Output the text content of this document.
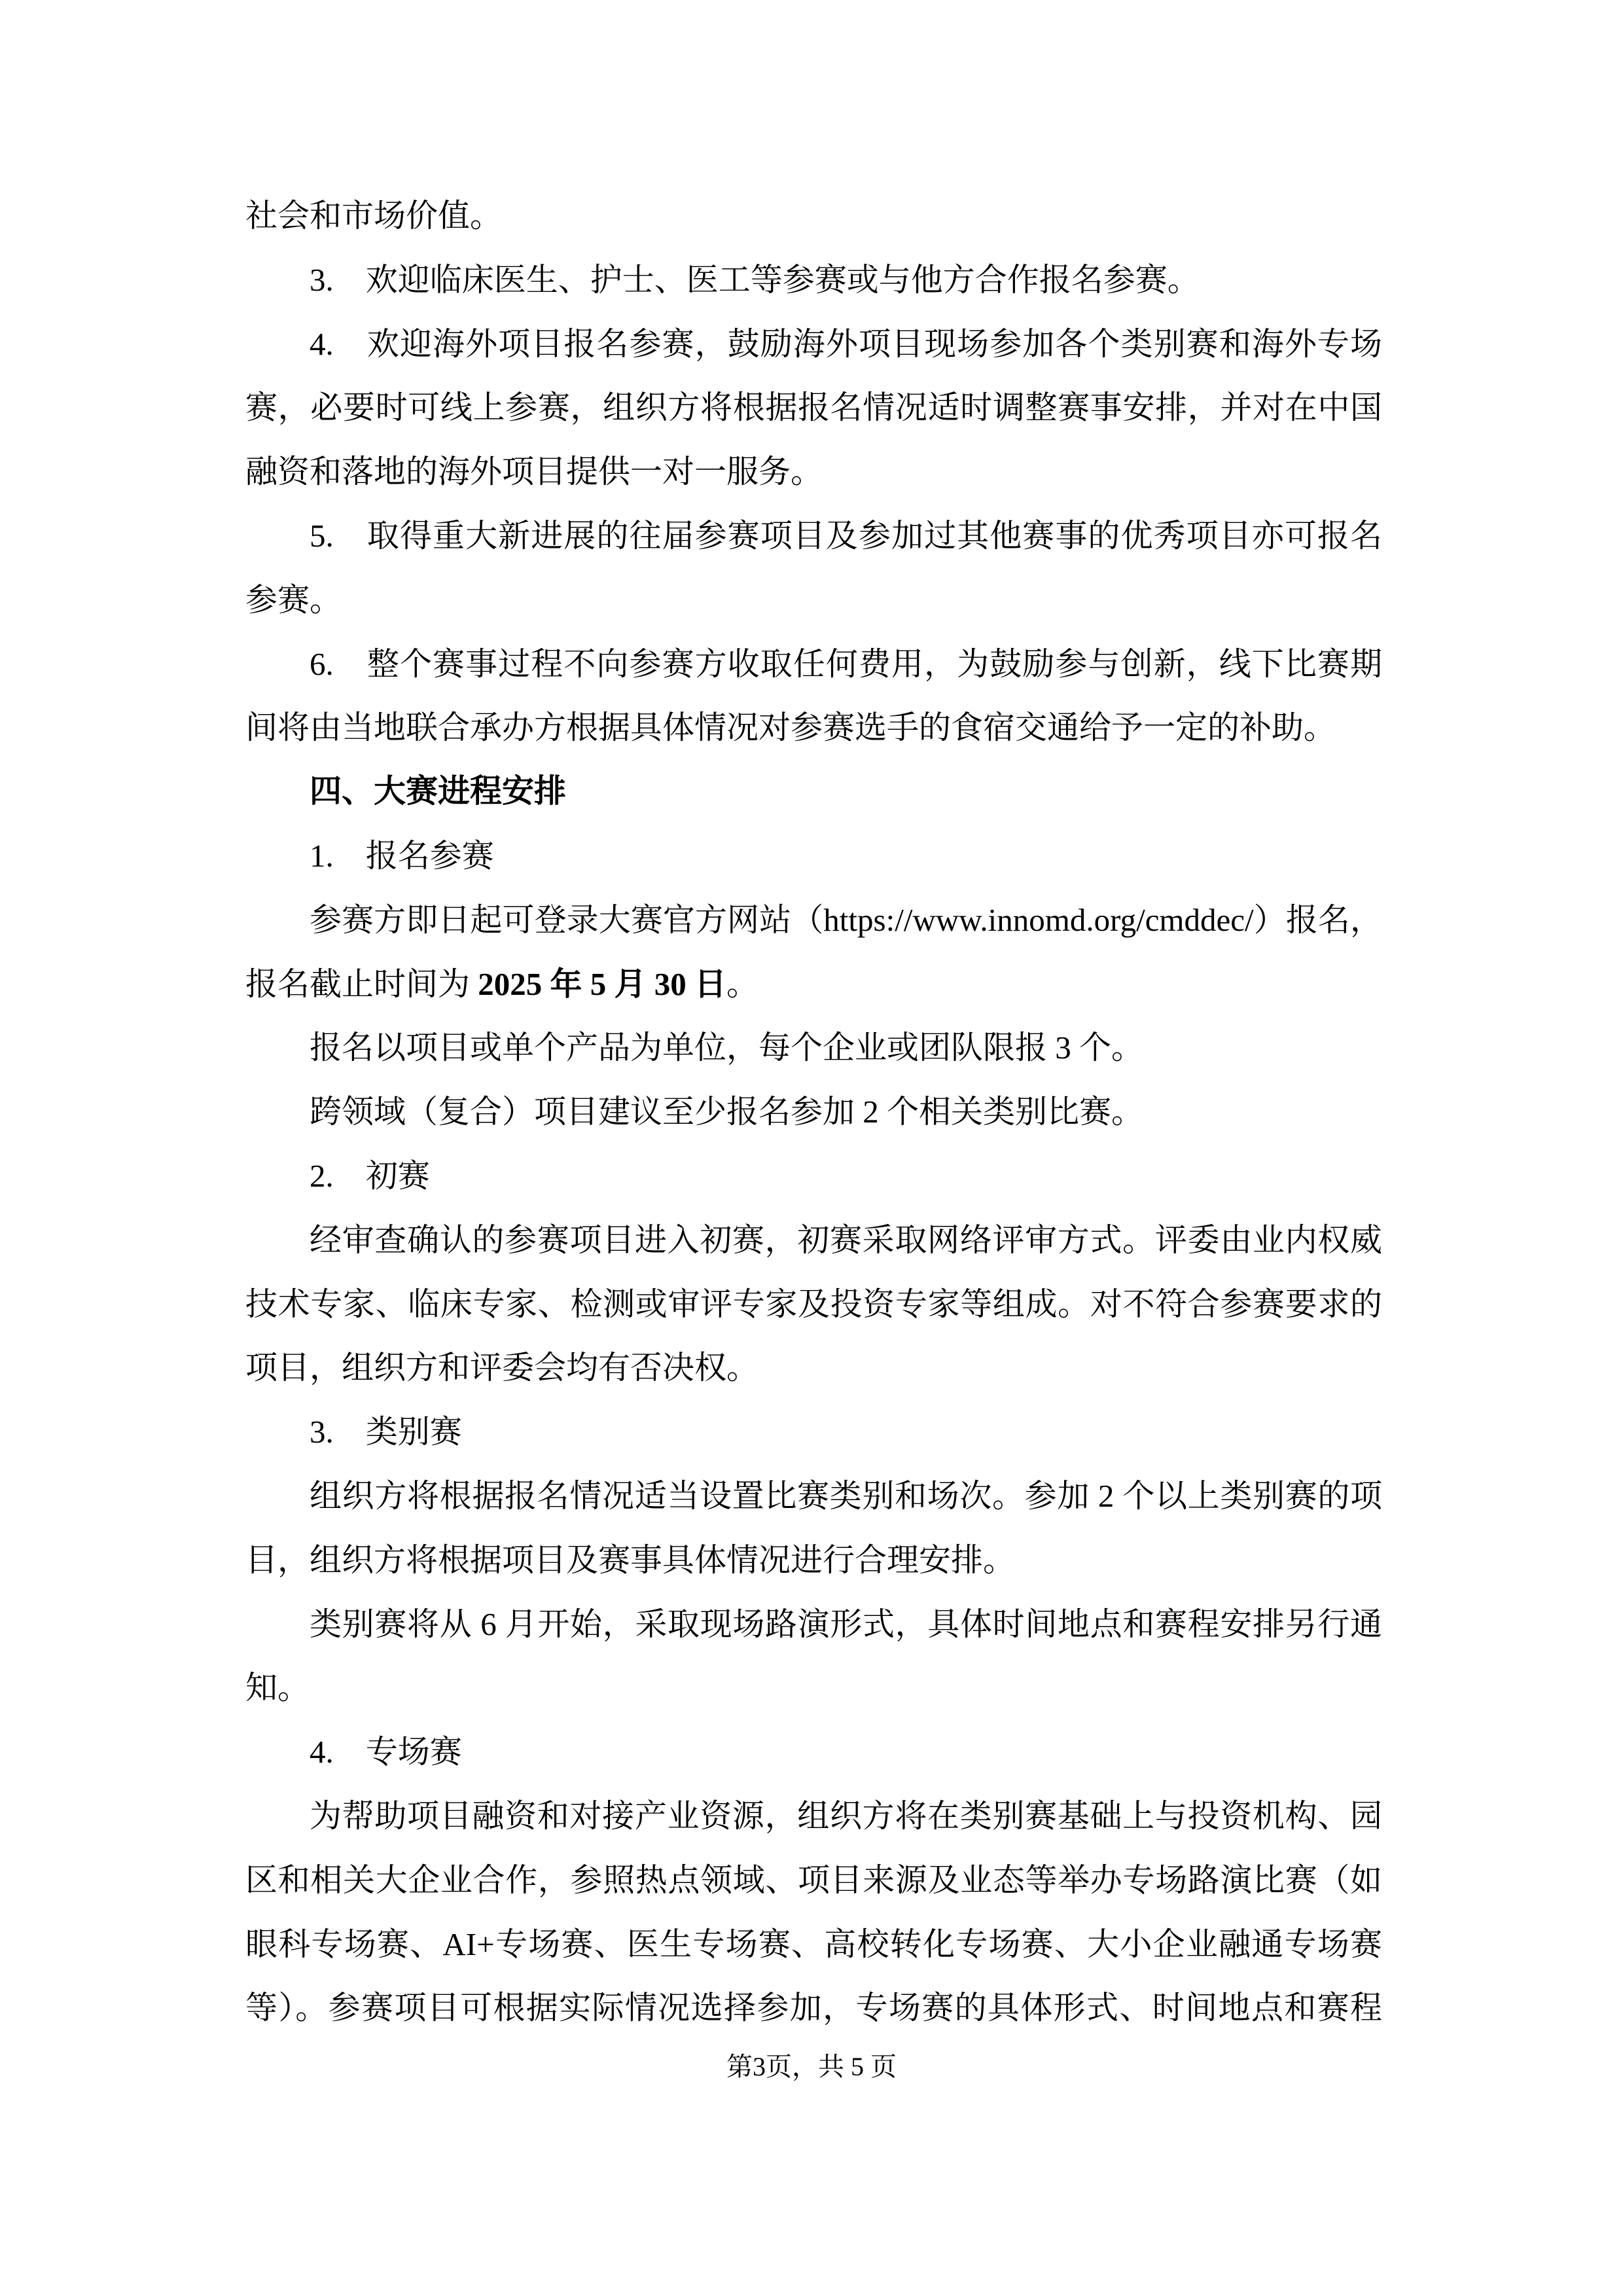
社会和市场价值。
3.　欢迎临床医生、护士、医工等参赛或与他方合作报名参赛。
4.　欢迎海外项目报名参赛，鼓励海外项目现场参加各个类别赛和海外专场
赛，必要时可线上参赛，组织方将根据报名情况适时调整赛事安排，并对在中国
融资和落地的海外项目提供一对一服务。
5.　取得重大新进展的往届参赛项目及参加过其他赛事的优秀项目亦可报名
参赛。
6.　整个赛事过程不向参赛方收取任何费用，为鼓励参与创新，线下比赛期
间将由当地联合承办方根据具体情况对参赛选手的食宿交通给予一定的补助。
四、大赛进程安排
1.　报名参赛
参赛方即日起可登录大赛官方网站（https://www.innomd.org/cmddec/）报名，
报名截止时间为 2025 年 5 月 30 日。
报名以项目或单个产品为单位，每个企业或团队限报 3 个。
跨领域（复合）项目建议至少报名参加 2 个相关类别比赛。
2.　初赛
经审查确认的参赛项目进入初赛，初赛采取网络评审方式。评委由业内权威
技术专家、临床专家、检测或审评专家及投资专家等组成。对不符合参赛要求的
项目，组织方和评委会均有否决权。
3.　类别赛
组织方将根据报名情况适当设置比赛类别和场次。参加 2 个以上类别赛的项
目，组织方将根据项目及赛事具体情况进行合理安排。
类别赛将从 6 月开始，采取现场路演形式，具体时间地点和赛程安排另行通
知。
4.　专场赛
为帮助项目融资和对接产业资源，组织方将在类别赛基础上与投资机构、园
区和相关大企业合作，参照热点领域、项目来源及业态等举办专场路演比赛（如
眼科专场赛、AI+专场赛、医生专场赛、高校转化专场赛、大小企业融通专场赛
等）。参赛项目可根据实际情况选择参加，专场赛的具体形式、时间地点和赛程
第3页，共 5 页
